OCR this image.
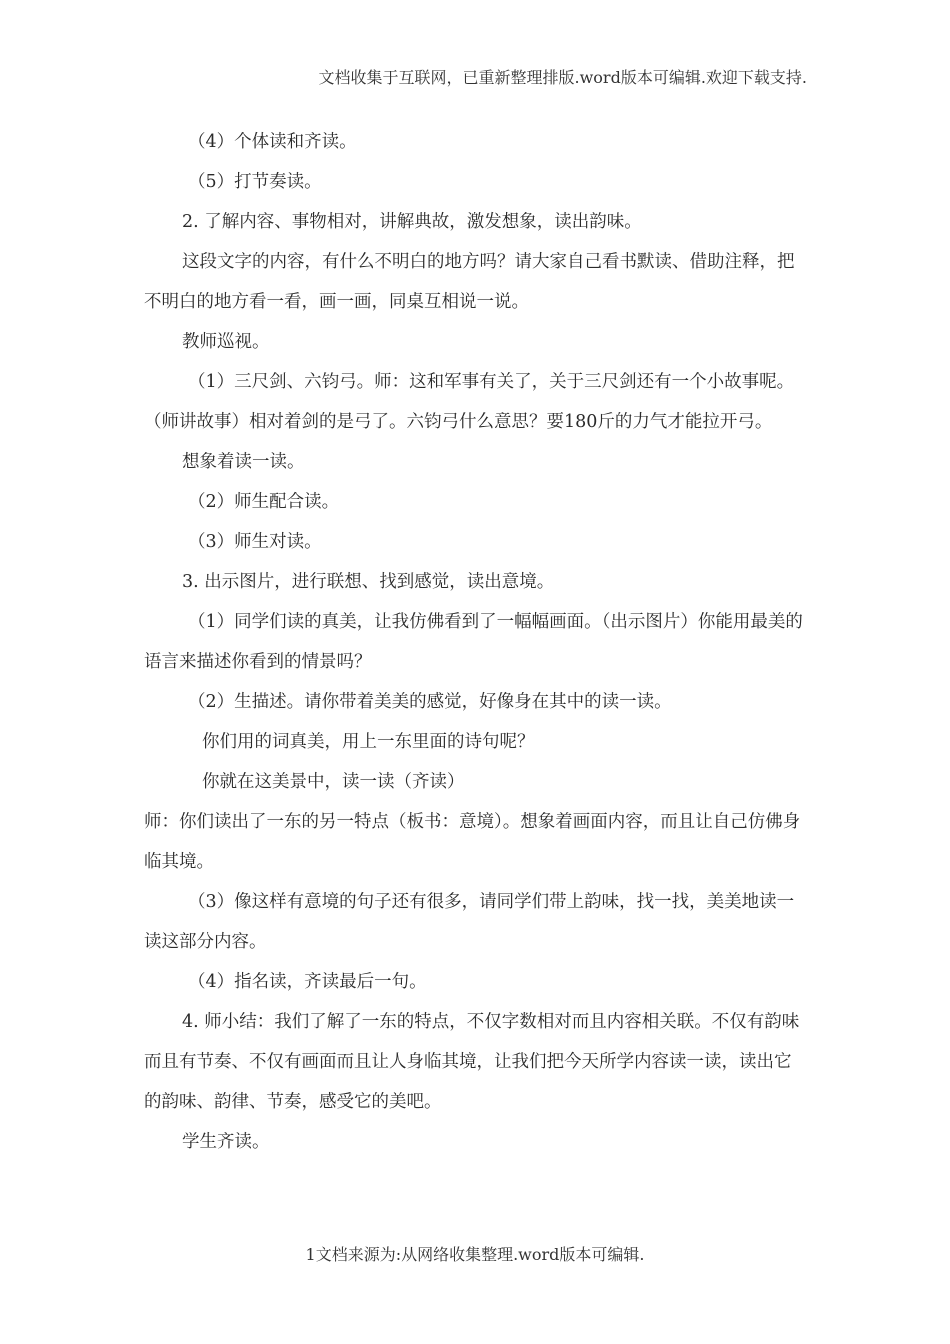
文档收集于互联网，已重新整理排版.word版本可编辑.欢迎下载支持.

（4）个体读和齐读。

（5）打节奏读。

2. 了解内容、事物相对，讲解典故，激发想象，读出韵味。

这段文字的内容，有什么不明白的地方吗？请大家自己看书默读、借助注释，把不明白的地方看一看，画一画，同桌互相说一说。

教师巡视。

（1）三尺剑、六钧弓。师：这和军事有关了，关于三尺剑还有一个小故事呢。（师讲故事）相对着剑的是弓了。六钧弓什么意思？要180斤的力气才能拉开弓。

想象着读一读。

（2）师生配合读。

（3）师生对读。

3. 出示图片，进行联想、找到感觉，读出意境。

（1）同学们读的真美，让我仿佛看到了一幅幅画面。（出示图片）你能用最美的语言来描述你看到的情景吗？

（2）生描述。请你带着美美的感觉，好像身在其中的读一读。

你们用的词真美，用上一东里面的诗句呢？

你就在这美景中，读一读（齐读）

师：你们读出了一东的另一特点（板书：意境）。想象着画面内容，而且让自己仿佛身临其境。

（3）像这样有意境的句子还有很多，请同学们带上韵味，找一找，美美地读一读这部分内容。

（4）指名读，齐读最后一句。

4. 师小结：我们了解了一东的特点，不仅字数相对而且内容相关联。不仅有韵味而且有节奏、不仅有画面而且让人身临其境，让我们把今天所学内容读一读，读出它的韵味、韵律、节奏，感受它的美吧。

学生齐读。

1文档来源为:从网络收集整理.word版本可编辑.
